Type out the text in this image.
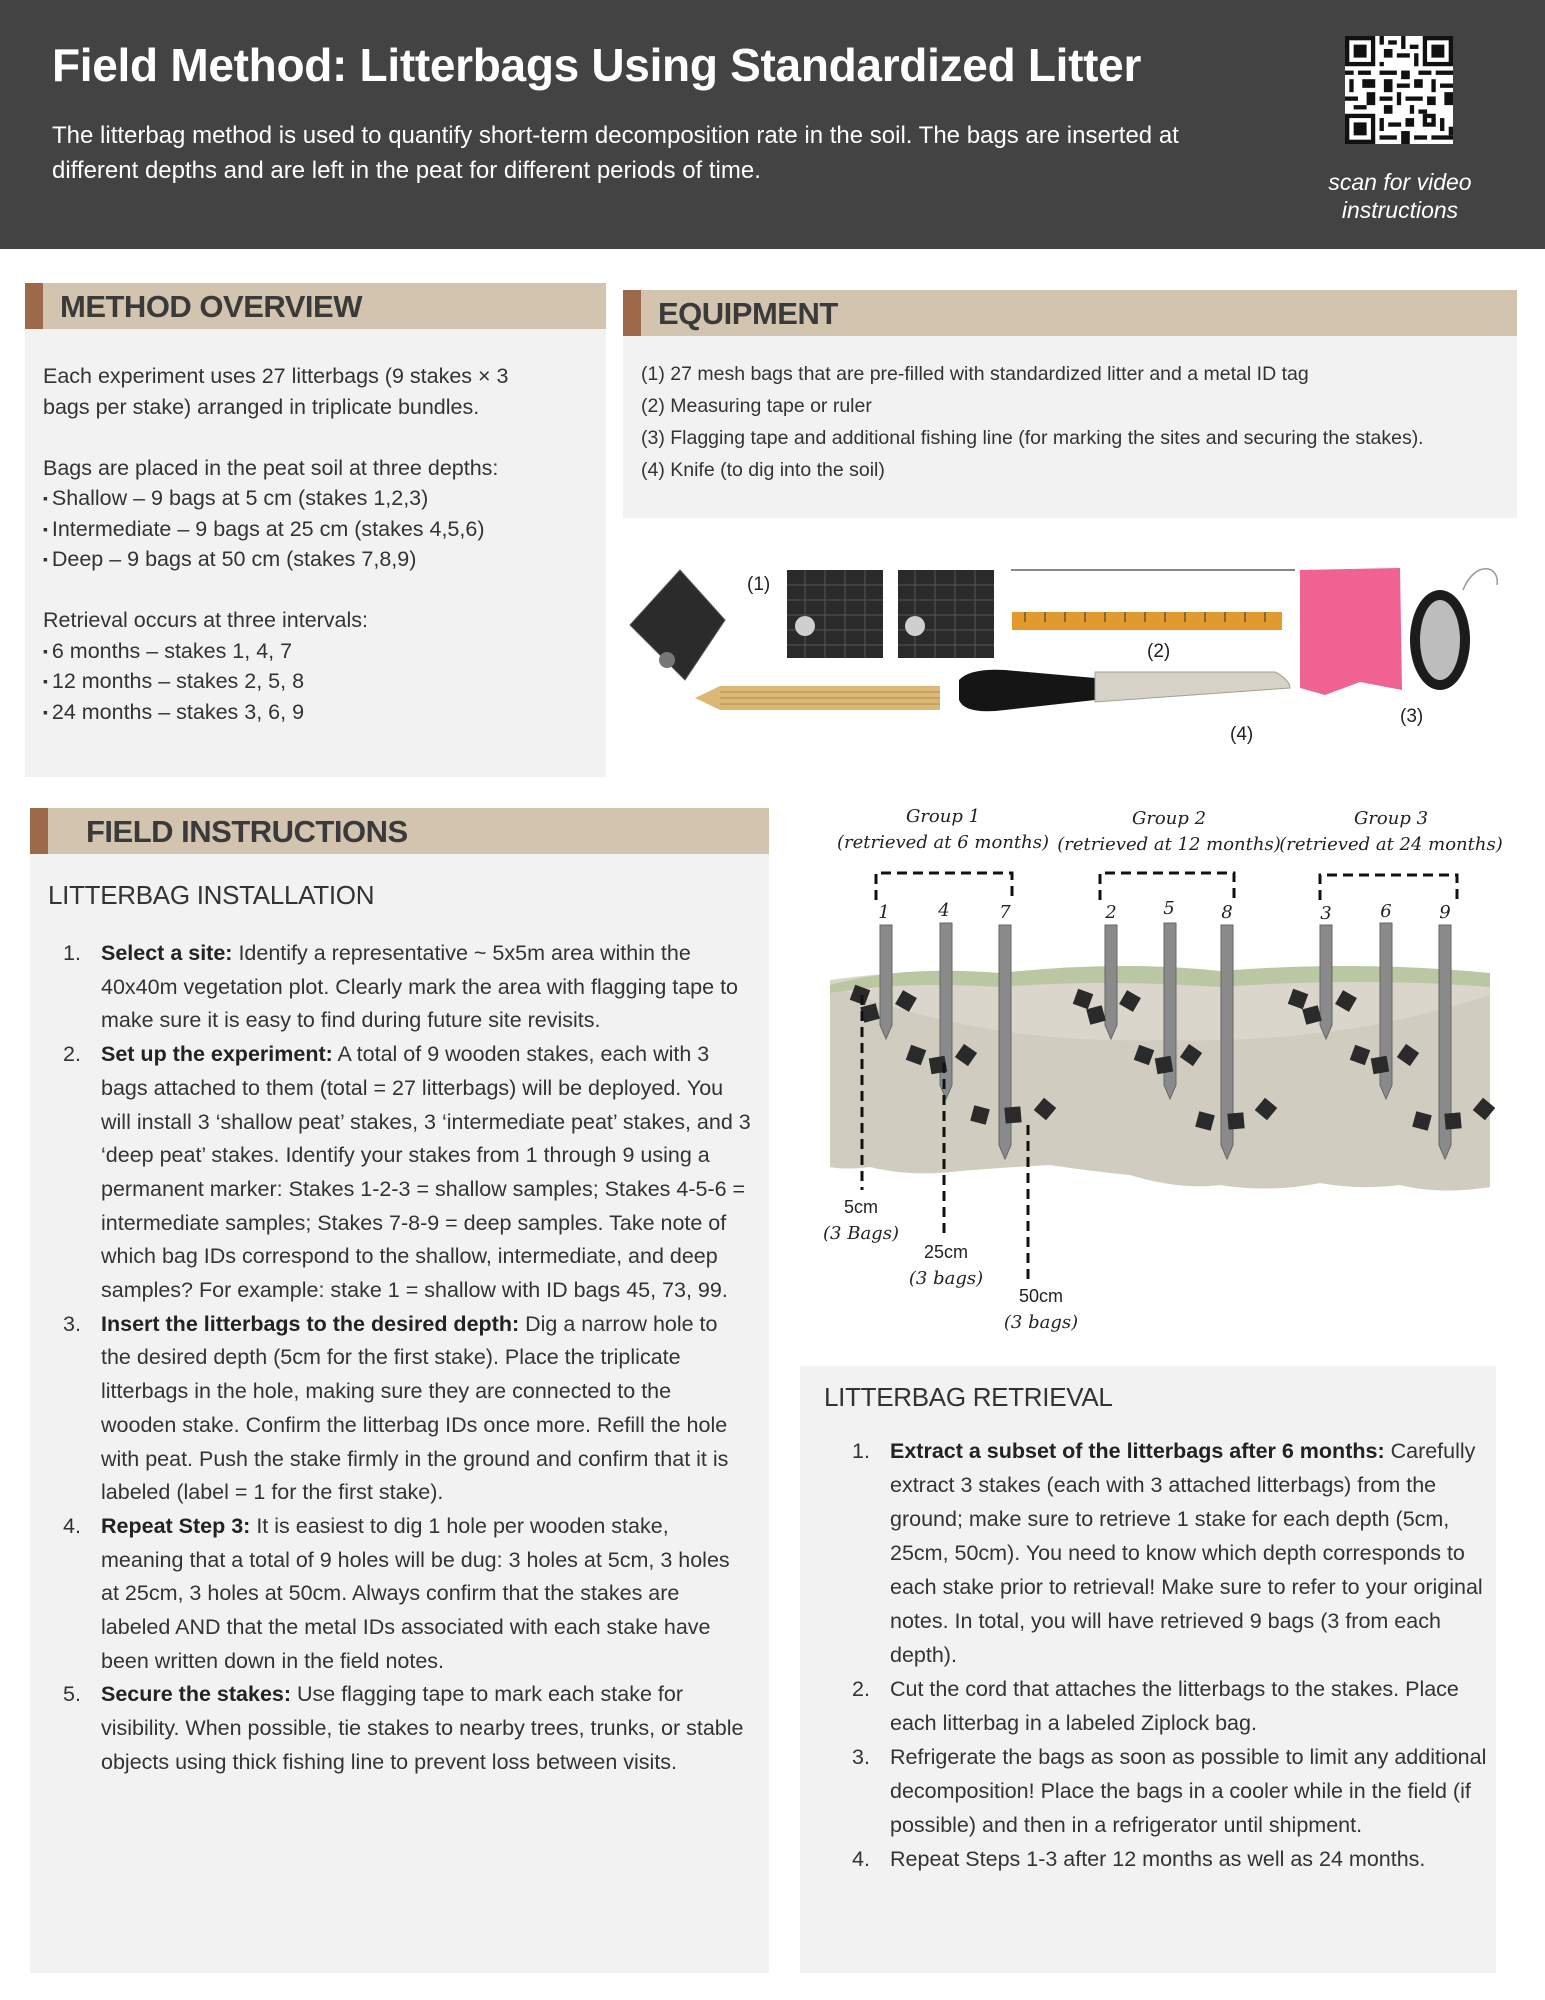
Field Method: Litterbags Using Standardized Litter
The litterbag method is used to quantify short-term decomposition rate in the soil. The bags are inserted at different depths and are left in the peat for different periods of time.	scan for video
instructions
METHOD OVERVIEW

Each experiment uses 27 litterbags (9 stakes × 3

bags per stake) arranged in triplicate bundles.

Bags are placed in the peat soil at three depths:

▪ Shallow – 9 bags at 5 cm (stakes 1,2,3)

▪ Intermediate – 9 bags at 25 cm (stakes 4,5,6)

▪ Deep – 9 bags at 50 cm (stakes 7,8,9)

Retrieval occurs at three intervals:

▪ 6 months – stakes 1, 4, 7

▪ 12 months – stakes 2, 5, 8

▪ 24 months – stakes 3, 6, 9

EQUIPMENT
(1) 27 mesh bags that are pre-filled with standardized litter and a metal ID tag
(2) Measuring tape or ruler
(3) Flagging tape and additional fishing line (for marking the sites and securing the stakes).
(4) Knife (to dig into the soil)
(1)
(2)
(3)
(4)
FIELD INSTRUCTIONS
LITTERBAG INSTALLATION
1. Select a site: Identify a representative ~ 5x5m area within the 40x40m vegetation plot. Clearly mark the area with flagging tape to make sure it is easy to find during future site revisits.
2. Set up the experiment: A total of 9 wooden stakes, each with 3 bags attached to them (total = 27 litterbags) will be deployed. You will install 3 ‘shallow peat’ stakes, 3 ‘intermediate peat’ stakes, and 3 ‘deep peat’ stakes. Identify your stakes from 1 through 9 using a permanent marker: Stakes 1-2-3 = shallow samples; Stakes 4-5-6 = intermediate samples; Stakes 7-8-9 = deep samples. Take note of which bag IDs correspond to the shallow, intermediate, and deep samples? For example: stake 1 = shallow with ID bags 45, 73, 99.
3. Insert the litterbags to the desired depth: Dig a narrow hole to the desired depth (5cm for the first stake). Place the triplicate litterbags in the hole, making sure they are connected to the wooden stake. Confirm the litterbag IDs once more. Refill the hole with peat. Push the stake firmly in the ground and confirm that it is labeled (label = 1 for the first stake).
4. Repeat Step 3: It is easiest to dig 1 hole per wooden stake, meaning that a total of 9 holes will be dug: 3 holes at 5cm, 3 holes at 25cm, 3 holes at 50cm. Always confirm that the stakes are labeled AND that the metal IDs associated with each stake have been written down in the field notes.
5. Secure the stakes: Use flagging tape to mark each stake for visibility. When possible, tie stakes to nearby trees, trunks, or stable objects using thick fishing line to prevent loss between visits.
Group 1
(retrieved at 6 months)
1	4	7
Group 2
(retrieved at 12 months)
2	5	8
Group 3
(retrieved at 24 months)
3	6	9
5cm
(3 Bags)
25cm
(3 bags)
50cm
(3 bags)
LITTERBAG RETRIEVAL
1. Extract a subset of the litterbags after 6 months: Carefully extract 3 stakes (each with 3 attached litterbags) from the ground; make sure to retrieve 1 stake for each depth (5cm, 25cm, 50cm). You need to know which depth corresponds to each stake prior to retrieval! Make sure to refer to your original notes. In total, you will have retrieved 9 bags (3 from each depth).
2. Cut the cord that attaches the litterbags to the stakes. Place each litterbag in a labeled Ziplock bag.
3. Refrigerate the bags as soon as possible to limit any additional decomposition! Place the bags in a cooler while in the field (if possible) and then in a refrigerator until shipment.
4. Repeat Steps 1-3 after 12 months as well as 24 months.
